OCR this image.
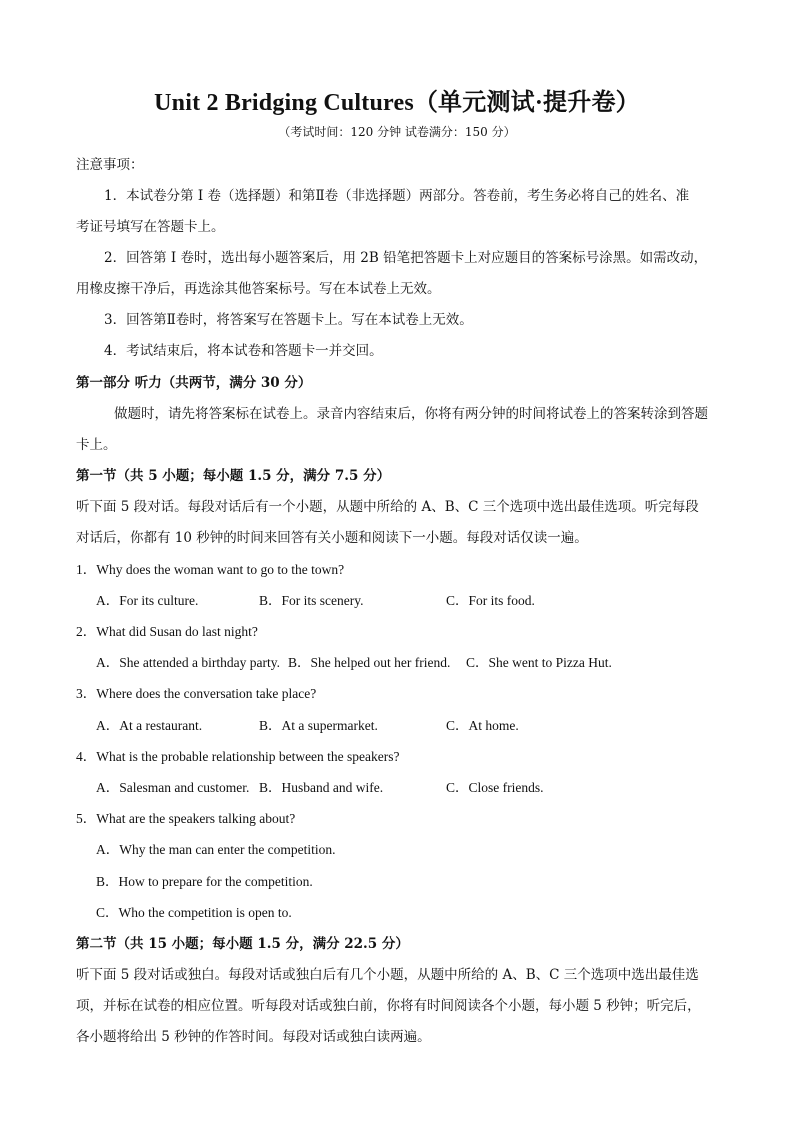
Unit 2 Bridging Cultures（单元测试·提升卷）
（考试时间：120 分钟 试卷满分：150 分）
注意事项：
1．本试卷分第 I 卷（选择题）和第Ⅱ卷（非选择题）两部分。答卷前，考生务必将自己的姓名、准
考证号填写在答题卡上。
2．回答第 I 卷时，选出每小题答案后，用 2B 铅笔把答题卡上对应题目的答案标号涂黑。如需改动，
用橡皮擦干净后，再选涂其他答案标号。写在本试卷上无效。
3．回答第Ⅱ卷时，将答案写在答题卡上。写在本试卷上无效。
4．考试结束后，将本试卷和答题卡一并交回。
第一部分 听力（共两节，满分 30 分）
做题时，请先将答案标在试卷上。录音内容结束后，你将有两分钟的时间将试卷上的答案转涂到答题
卡上。
第一节（共 5 小题；每小题 1.5 分，满分 7.5 分）
听下面 5 段对话。每段对话后有一个小题，从题中所给的 A、B、C 三个选项中选出最佳选项。听完每段
对话后，你都有 10 秒钟的时间来回答有关小题和阅读下一小题。每段对话仅读一遍。
1．Why does the woman want to go to the town?
A．For its culture.	B．For its scenery.	C．For its food.
2．What did Susan do last night?
A．She attended a birthday party. B．She helped out her friend. C．She went to Pizza Hut.
3．Where does the conversation take place?
A．At a restaurant.	B．At a supermarket.	C．At home.
4．What is the probable relationship between the speakers?
A．Salesman and customer. B．Husband and wife.	C．Close friends.
5．What are the speakers talking about?
A．Why the man can enter the competition.
B．How to prepare for the competition.
C．Who the competition is open to.
第二节（共 15 小题；每小题 1.5 分，满分 22.5 分）
听下面 5 段对话或独白。每段对话或独白后有几个小题，从题中所给的 A、B、C 三个选项中选出最佳选
项，并标在试卷的相应位置。听每段对话或独白前，你将有时间阅读各个小题，每小题 5 秒钟；听完后，
各小题将给出 5 秒钟的作答时间。每段对话或独白读两遍。
